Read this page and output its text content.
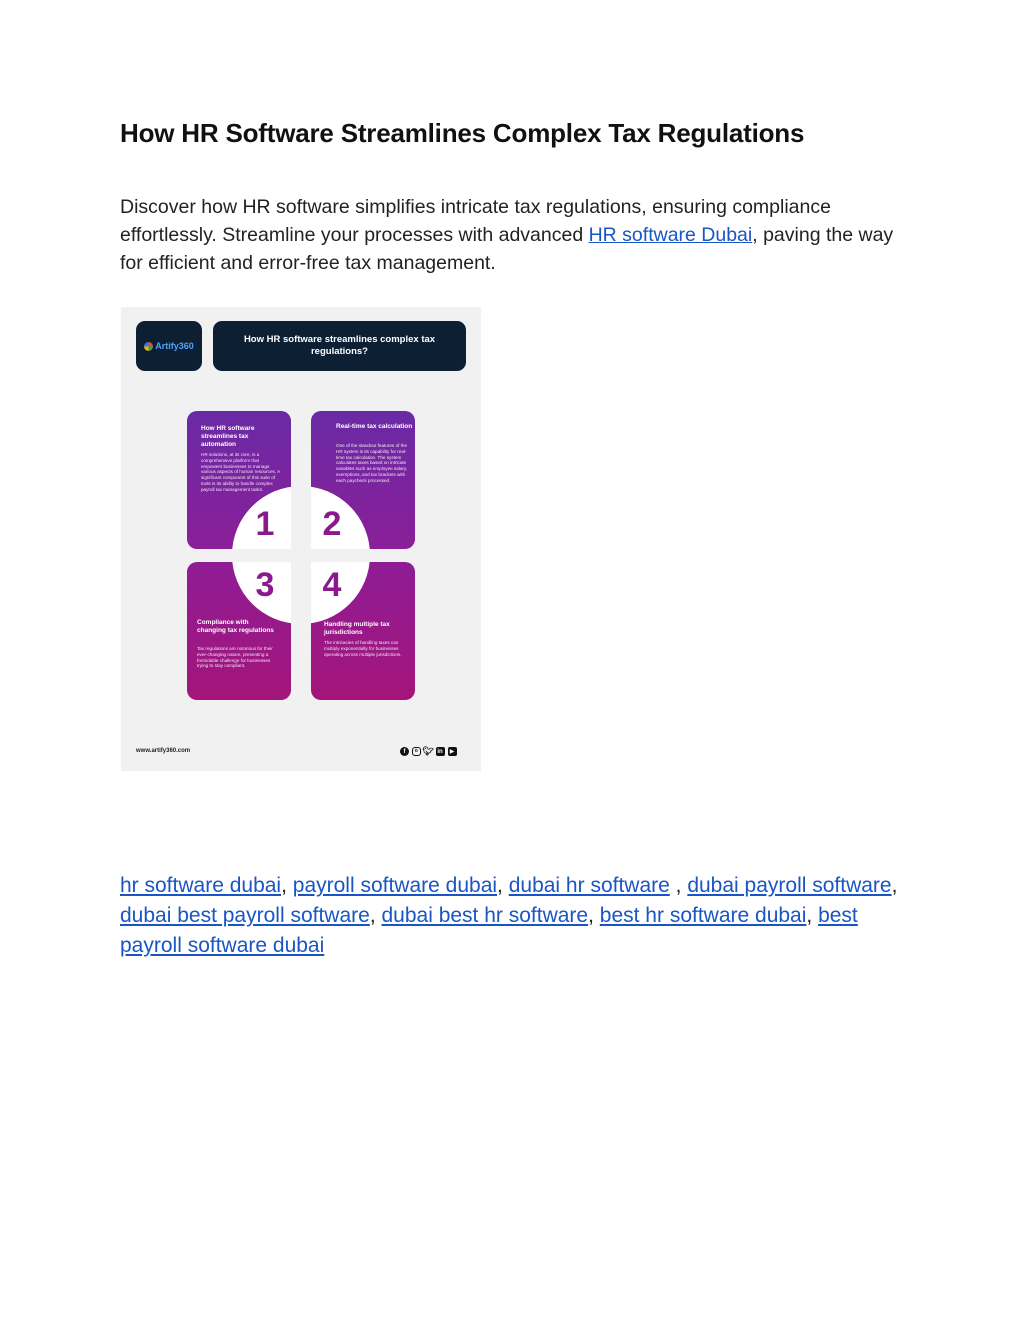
How HR Software Streamlines Complex Tax Regulations

Discover how HR software simplifies intricate tax regulations, ensuring compliance effortlessly. Streamline your processes with advanced HR software Dubai, paving the way for efficient and error-free tax management.

Artify360
How HR software streamlines complex tax regulations?
How HR software streamlines tax automation
HR solutions, at its core, is a comprehensive platform that empowers businesses to manage various aspects of human resources. A significant component of this suite of tools is its ability to handle complex payroll tax management tasks.
Real-time tax calculation
One of the standout features of the HR system is its capability for real-time tax calculation. The system calculates taxes based on intricate variables such as employee salary, exemptions, and tax brackets with each paycheck processed.
Compliance with changing tax regulations
Tax regulations are notorious for their ever-changing nature, presenting a formidable challenge for businesses trying to stay compliant.
Handling multiple tax jurisdictions
The intricacies of handling taxes can multiply exponentially for businesses operating across multiple jurisdictions.
1	2
3	4
www.artify360.com	f	o 🐦︎ in	▶

hr software dubai, payroll software dubai, dubai hr software , dubai payroll software, dubai best payroll software, dubai best hr software, best hr software dubai, best payroll software dubai
